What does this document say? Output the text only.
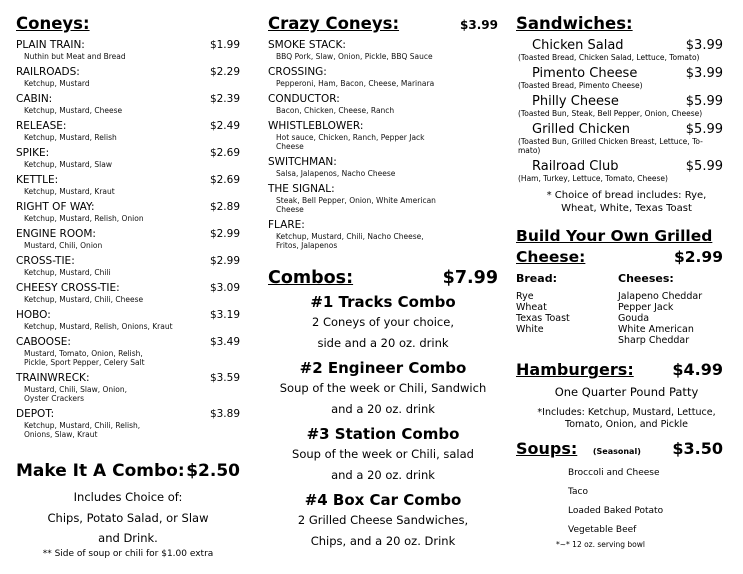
Coneys:
PLAIN TRAIN:	$1.99
Nuthin but Meat and Bread
RAILROADS:	$2.29
Ketchup, Mustard
CABIN:	$2.39
Ketchup, Mustard, Cheese
RELEASE:	$2.49
Ketchup, Mustard, Relish
SPIKE:	$2.69
Ketchup, Mustard, Slaw
KETTLE:	$2.69
Ketchup, Mustard, Kraut
RIGHT OF WAY:	$2.89
Ketchup, Mustard, Relish, Onion
ENGINE ROOM:	$2.99
Mustard, Chili, Onion
CROSS-TIE:	$2.99
Ketchup, Mustard, Chili
CHEESY CROSS-TIE:	$3.09
Ketchup, Mustard, Chili, Cheese
HOBO:	$3.19
Ketchup, Mustard, Relish, Onions, Kraut
CABOOSE:	$3.49
Mustard, Tomato, Onion, Relish,
Pickle, Sport Pepper, Celery Salt
TRAINWRECK:	$3.59
Mustard, Chili, Slaw, Onion,
Oyster Crackers
DEPOT:	$3.89
Ketchup, Mustard, Chili, Relish,
Onions, Slaw, Kraut
Make It A Combo: $2.50
Includes Choice of:
Chips, Potato Salad, or Slaw
and Drink.
** Side of soup or chili for $1.00 extra
Crazy Coneys:	$3.99
SMOKE STACK:
BBQ Pork, Slaw, Onion, Pickle, BBQ Sauce
CROSSING:
Pepperoni, Ham, Bacon, Cheese, Marinara
CONDUCTOR:
Bacon, Chicken, Cheese, Ranch
WHISTLEBLOWER:
Hot sauce, Chicken, Ranch, Pepper Jack
Cheese
SWITCHMAN:
Salsa, Jalapenos, Nacho Cheese
THE SIGNAL:
Steak, Bell Pepper, Onion, White American
Cheese
FLARE:
Ketchup, Mustard, Chili, Nacho Cheese,
Fritos, Jalapenos
Combos:	$7.99
#1 Tracks Combo
2 Coneys of your choice,
side and a 20 oz. drink
#2 Engineer Combo
Soup of the week or Chili, Sandwich
and a 20 oz. drink
#3 Station Combo
Soup of the week or Chili, salad
and a 20 oz. drink
#4 Box Car Combo
2 Grilled Cheese Sandwiches,
Chips, and a 20 oz. Drink
Sandwiches:
Chicken Salad	$3.99
(Toasted Bread, Chicken Salad, Lettuce, Tomato)
Pimento Cheese	$3.99
(Toasted Bread, Pimento Cheese)
Philly Cheese	$5.99
(Toasted Bun, Steak, Bell Pepper, Onion, Cheese)
Grilled Chicken	$5.99
(Toasted Bun, Grilled Chicken Breast, Lettuce, To-
mato)
Railroad Club	$5.99
(Ham, Turkey, Lettuce, Tomato, Cheese)
* Choice of bread includes: Rye,
Wheat, White, Texas Toast
Build Your Own Grilled
Cheese:	$2.99
Bread:
Rye
Wheat
Texas Toast
White
Cheeses:
Jalapeno Cheddar
Pepper Jack
Gouda
White American
Sharp Cheddar
Hamburgers: $4.99
One Quarter Pound Patty
*Includes: Ketchup, Mustard, Lettuce,
Tomato, Onion, and Pickle
Soups: (Seasonal) $3.50
Broccoli and Cheese
Taco
Loaded Baked Potato
Vegetable Beef
*~* 12 oz. serving bowl
